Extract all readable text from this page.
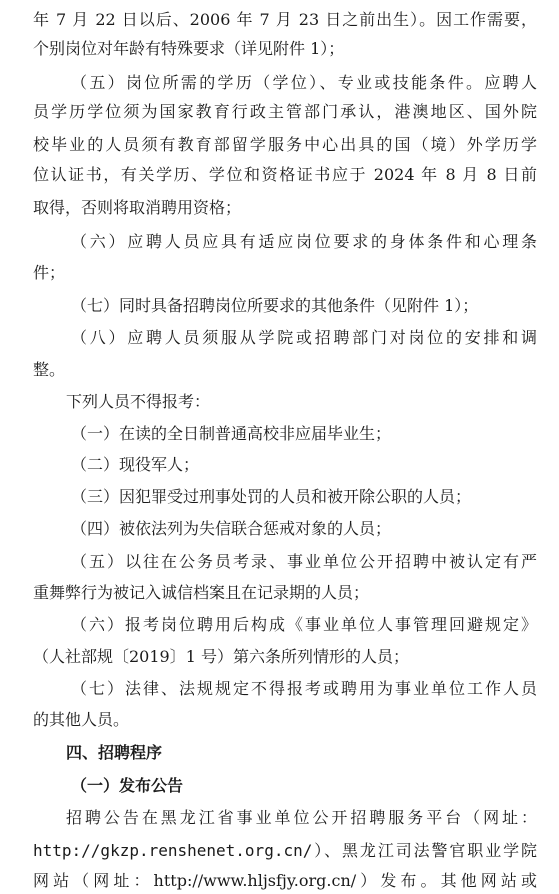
年 7 月 22 日以后、2006 年 7 月 23 日之前出生）。因工作需要，
个别岗位对年龄有特殊要求（详见附件 1）；
（五）岗位所需的学历（学位）、专业或技能条件。应聘人
员学历学位须为国家教育行政主管部门承认，港澳地区、国外院
校毕业的人员须有教育部留学服务中心出具的国（境）外学历学
位认证书，有关学历、学位和资格证书应于 2024 年 8 月 8 日前
取得，否则将取消聘用资格；
（六）应聘人员应具有适应岗位要求的身体条件和心理条
件；
（七）同时具备招聘岗位所要求的其他条件（见附件 1）；
（八）应聘人员须服从学院或招聘部门对岗位的安排和调
整。
下列人员不得报考：
（一）在读的全日制普通高校非应届毕业生；
（二）现役军人；
（三）因犯罪受过刑事处罚的人员和被开除公职的人员；
（四）被依法列为失信联合惩戒对象的人员；
（五）以往在公务员考录、事业单位公开招聘中被认定有严
重舞弊行为被记入诚信档案且在记录期的人员；
（六）报考岗位聘用后构成《事业单位人事管理回避规定》
（人社部规〔2019〕1 号）第六条所列情形的人员；
（七）法律、法规规定不得报考或聘用为事业单位工作人员
的其他人员。
四、招聘程序
（一）发布公告
招聘公告在黑龙江省事业单位公开招聘服务平台（网址：
http://gkzp.renshenet.org.cn/）、黑龙江司法警官职业学院
网站（网址：http://www.hljsfjy.org.cn/）发布。其他网站或
